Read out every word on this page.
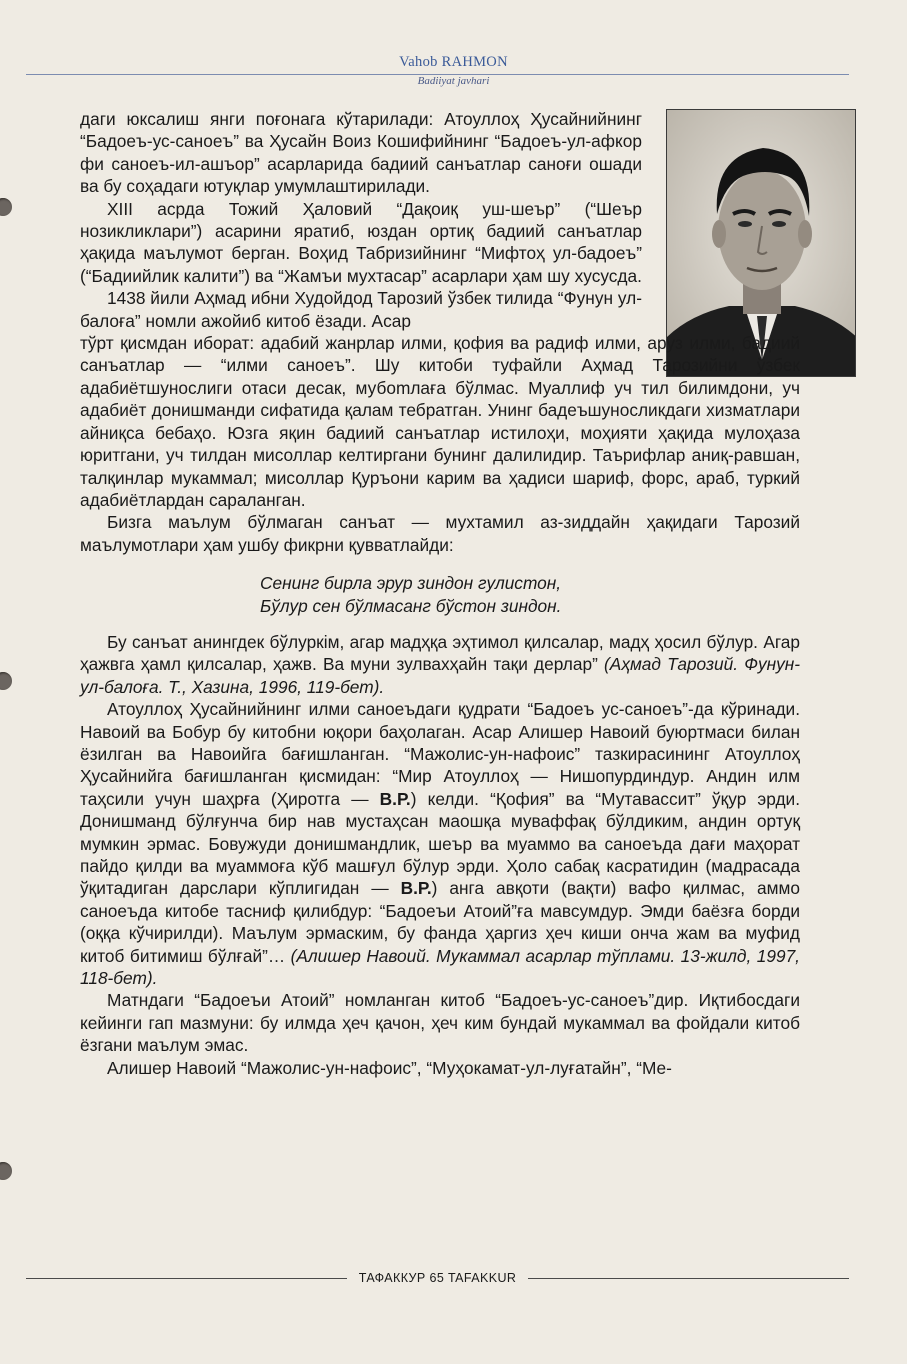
Vahob RAHMON
Badiiyat javhari

даги юксалиш янги поғонага кўтарилади: Атоуллоҳ Ҳусайнийнинг “Бадоеъ-ус-саноеъ” ва Ҳусайн Воиз Кошифийнинг “Бадоеъ-ул-афкор фи саноеъ-ил-ашъор” асарларида бадиий санъатлар саноғи ошади ва бу соҳадаги ютуқлар умумлаштирилади.

XIII асрда Тожий Ҳаловий “Дақоиқ уш-шеър” (“Шеър нозикликлари”) асарини яратиб, юздан ортиқ бадиий санъатлар ҳақида маълумот берган. Воҳид Табризийнинг “Мифтоҳ ул-бадоеъ” (“Бадиийлик калити”) ва “Жамъи мухтасар” асарлари ҳам шу хусусда.

1438 йили Аҳмад ибни Худойдод Тарозий ўзбек тилида “Фунун ул-балоға” номли ажойиб китоб ёзади. Асар

тўрт қисмдан иборат: адабий жанрлар илми, қофия ва радиф илми, аруз илми, бадиий санъатлар — “илми саноеъ”. Шу китоби туфайли Аҳмад Тарозийни ўзбек адабиётшунослиги отаси десак, мубоmлаға бўлмас. Муаллиф уч тил билимдони, уч адабиёт донишманди сифатида қалам тебратган. Унинг бадеъшуносликдаги хизматлари айниқса бебаҳо. Юзга яқин бадиий санъатлар истилоҳи, моҳияти ҳақида мулоҳаза юритгани, уч тилдан мисоллар келтиргани бунинг далилидир. Таърифлар аниқ-равшан, талқинлар мукаммал; мисоллар Қуръони карим ва ҳадиси шариф, форс, араб, туркий адабиётлардан сараланган.

Бизга маълум бўлмаган санъат — мухтамил аз-зиддайн ҳақидаги Тарозий маълумотлари ҳам ушбу фикрни қувватлайди:

Сенинг бирла эрур зиндон гулистон,
Бўлур сен бўлмасанг бўстон зиндон.

Бу санъат анингдек бўлуркім, агар мадҳқа эҳтимол қилсалар, мадҳ ҳосил бўлур. Агар ҳажвга ҳамл қилсалар, ҳажв. Ва муни зулвахҳайн тақи дерлар” (Аҳмад Тарозий. Фунун-ул-балоға. Т., Хазина, 1996, 119-бет).

Атоуллоҳ Ҳусайнийнинг илми саноеъдаги қудрати “Бадоеъ ус-саноеъ”-да кўринади. Навоий ва Бобур бу китобни юқори баҳолаган. Асар Алишер Навоий буюртмаси билан ёзилган ва Навоийга бағишланган. “Мажолис-ун-нафоис” тазкирасининг Атоуллоҳ Ҳусайнийга бағишланган қисмидан: “Мир Атоуллоҳ — Нишопурдиндур. Андин илм таҳсили учун шаҳрға (Ҳиротга — В.Р.) келди. “Қофия” ва “Мутавассит” ўқур эрди. Донишманд бўлғунча бир нав мустаҳсан маошқа муваффақ бўлдиким, андин ортуқ мумкин эрмас. Бовужуди донишмандлик, шеър ва муаммо ва саноеъда дағи маҳорат пайдо қилди ва муаммоға кўб машғул бўлур эрди. Ҳоло сабақ касратидин (мадрасада ўқитадиган дарслари кўплигидан — В.Р.) анга авқоти (вақти) вафо қилмас, аммо саноеъда китобе тасниф қилибдур: “Бадоеъи Атоий”ға мавсумдур. Эмди баёзға борди (оққа кўчирилди). Маълум эрмаским, бу фанда ҳаргиз ҳеч киши онча жам ва муфид китоб битимиш бўлғай”… (Алишер Навоий. Мукаммал асарлар тўплами. 13-жилд, 1997, 118-бет).

Матндаги “Бадоеъи Атоий” номланган китоб “Бадоеъ-ус-саноеъ”дир. Иқтибосдаги кейинги гап мазмуни: бу илмда ҳеч қачон, ҳеч ким бундай мукаммал ва фойдали китоб ёзгани маълум эмас.

Алишер Навоий “Мажолис-ун-нафоис”, “Муҳокамат-ул-луғатайн”, “Ме-

ТАФАККУР 65 TAFAKKUR
